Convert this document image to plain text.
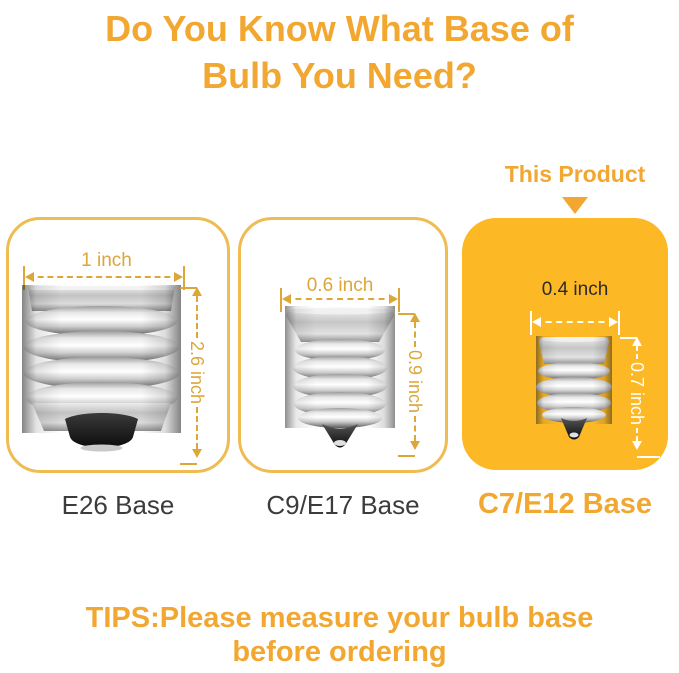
Do You Know What Base of
Bulb You Need?
This Product
1 inch
2.6 inch
0.6 inch
0.9 inch
0.4 inch
0.7 inch
E26 Base	C9/E17 Base	C7/E12 Base
TIPS:Please measure your bulb base
before ordering
